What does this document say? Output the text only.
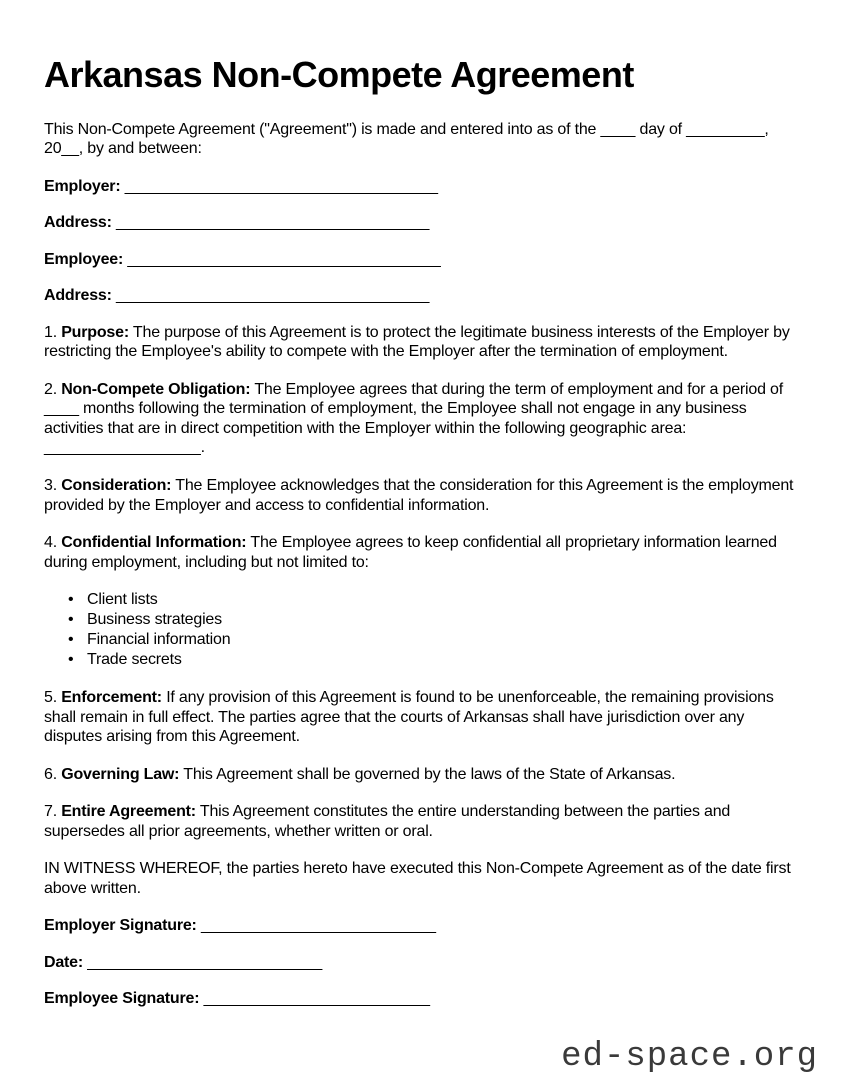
Arkansas Non-Compete Agreement

This Non-Compete Agreement ("Agreement") is made and entered into as of the ____ day of _________, 20__, by and between:

Employer: ____________________________________

Address: ____________________________________

Employee: ____________________________________

Address: ____________________________________

1. Purpose: The purpose of this Agreement is to protect the legitimate business interests of the Employer by restricting the Employee's ability to compete with the Employer after the termination of employment.

2. Non-Compete Obligation: The Employee agrees that during the term of employment and for a period of ____ months following the termination of employment, the Employee shall not engage in any business activities that are in direct competition with the Employer within the following geographic area: __________________.

3. Consideration: The Employee acknowledges that the consideration for this Agreement is the employment provided by the Employer and access to confidential information.

4. Confidential Information: The Employee agrees to keep confidential all proprietary information learned during employment, including but not limited to:

• Client lists
• Business strategies
• Financial information
• Trade secrets

5. Enforcement: If any provision of this Agreement is found to be unenforceable, the remaining provisions shall remain in full effect. The parties agree that the courts of Arkansas shall have jurisdiction over any disputes arising from this Agreement.

6. Governing Law: This Agreement shall be governed by the laws of the State of Arkansas.

7. Entire Agreement: This Agreement constitutes the entire understanding between the parties and supersedes all prior agreements, whether written or oral.

IN WITNESS WHEREOF, the parties hereto have executed this Non-Compete Agreement as of the date first above written.

Employer Signature: ___________________________

Date: ___________________________

Employee Signature: __________________________

ed-space.org
